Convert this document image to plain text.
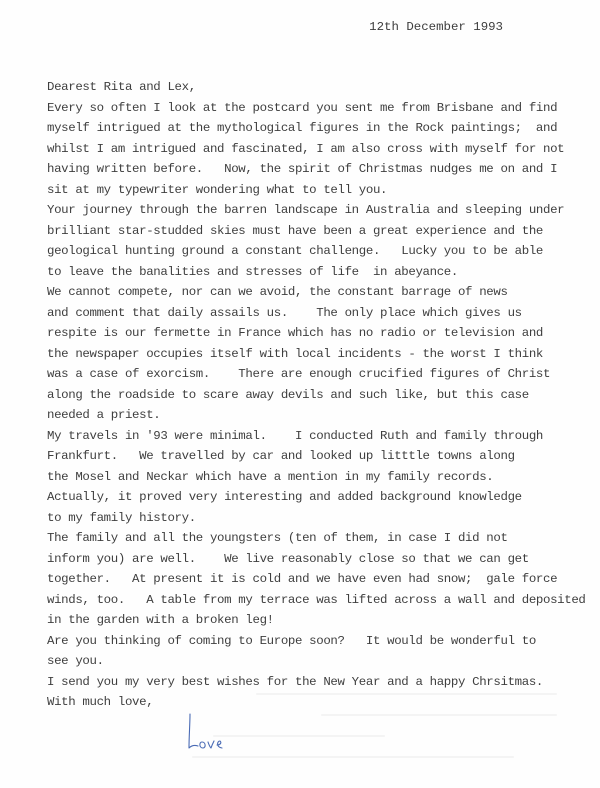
12th December 1993
Dearest Rita and Lex,
Every so often I look at the postcard you sent me from Brisbane and find
myself intrigued at the mythological figures in the Rock paintings;  and
whilst I am intrigued and fascinated, I am also cross with myself for not
having written before.   Now, the spirit of Christmas nudges me on and I
sit at my typewriter wondering what to tell you.
Your journey through the barren landscape in Australia and sleeping under
brilliant star-studded skies must have been a great experience and the
geological hunting ground a constant challenge.   Lucky you to be able
to leave the banalities and stresses of life  in abeyance.
We cannot compete, nor can we avoid, the constant barrage of news
and comment that daily assails us.    The only place which gives us
respite is our fermette in France which has no radio or television and
the newspaper occupies itself with local incidents - the worst I think
was a case of exorcism.    There are enough crucified figures of Christ
along the roadside to scare away devils and such like, but this case
needed a priest.
My travels in '93 were minimal.    I conducted Ruth and family through
Frankfurt.   We travelled by car and looked up litttle towns along
the Mosel and Neckar which have a mention in my family records.
Actually, it proved very interesting and added background knowledge
to my family history.
The family and all the youngsters (ten of them, in case I did not
inform you) are well.    We live reasonably close so that we can get
together.   At present it is cold and we have even had snow;  gale force
winds, too.   A table from my terrace was lifted across a wall and deposited
in the garden with a broken leg!
Are you thinking of coming to Europe soon?   It would be wonderful to
see you.
I send you my very best wishes for the New Year and a happy Chrsitmas.
With much love,
